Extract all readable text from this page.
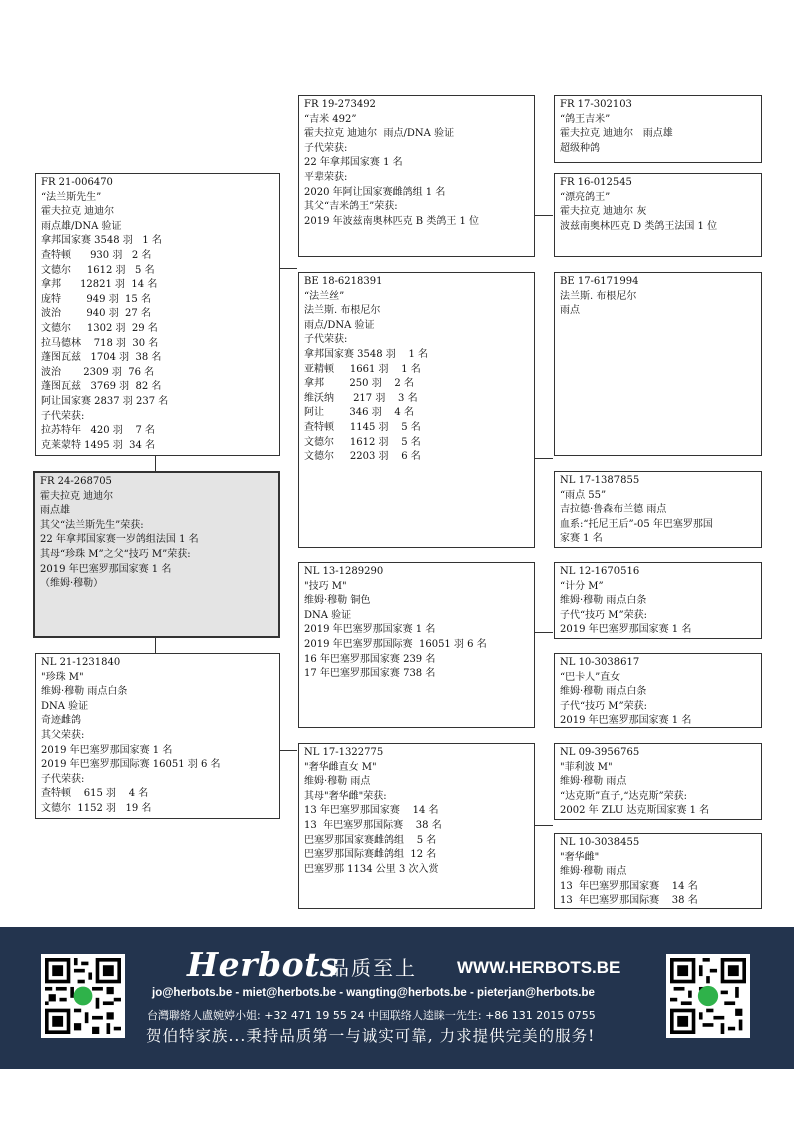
FR 21-006470
“法兰斯先生”
霍夫拉克 迪迪尔
雨点雄/DNA 验证
拿邦国家赛 3548 羽   1 名
查特顿      930 羽   2 名
文德尔     1612 羽   5 名
拿邦      12821 羽  14 名
庞特        949 羽  15 名
波治        940 羽  27 名
文德尔     1302 羽  29 名
拉马德林    718 羽  30 名
蓬图瓦兹   1704 羽  38 名
波治       2309 羽  76 名
蓬图瓦兹   3769 羽  82 名
阿让国家赛 2837 羽 237 名
子代荣获:
拉苏特年   420 羽    7 名
克莱蒙特 1495 羽  34 名
FR 24-268705
霍夫拉克 迪迪尔
雨点雄
其父“法兰斯先生”荣获:
22 年拿邦国家赛一岁鸽组法国 1 名
其母“珍珠 M”之父“技巧 M”荣获:
2019 年巴塞罗那国家赛 1 名
（维姆·穆勒）
NL 21-1231840
"珍珠 M"
维姆·穆勒 雨点白条
DNA 验证
奇迹雌鸽
其父荣获:
2019 年巴塞罗那国家赛 1 名
2019 年巴塞罗那国际赛 16051 羽 6 名
子代荣获:
查特顿    615 羽    4 名
文德尔  1152 羽   19 名
FR 19-273492
“吉米 492”
霍夫拉克 迪迪尔  雨点/DNA 验证
子代荣获:
22 年拿邦国家赛 1 名
平辈荣获:
2020 年阿让国家赛雌鸽组 1 名
其父“吉米鸽王”荣获:
2019 年波兹南奥林匹克 B 类鸽王 1 位
BE 18-6218391
“法兰丝”
法兰斯. 布根尼尔
雨点/DNA 验证
子代荣获:
拿邦国家赛 3548 羽    1 名
亚精顿     1661 羽    1 名
拿邦        250 羽    2 名
维沃纳      217 羽    3 名
阿让        346 羽    4 名
查特顿     1145 羽    5 名
文德尔     1612 羽    5 名
文德尔     2203 羽    6 名
NL 13-1289290
"技巧 M"
维姆·穆勒 铜色
DNA 验证
2019 年巴塞罗那国家赛 1 名
2019 年巴塞罗那国际赛  16051 羽 6 名
16 年巴塞罗那国家赛 239 名
17 年巴塞罗那国家赛 738 名
NL 17-1322775
"奢华雌直女 M"
维姆·穆勒 雨点
其母"奢华雌"荣获:
13 年巴塞罗那国家赛    14 名
13  年巴塞罗那国际赛    38 名
巴塞罗那国家赛雌鸽组    5 名
巴塞罗那国际赛雌鸽组  12 名
巴塞罗那 1134 公里 3 次入赏
FR 17-302103
“鸽王吉米”
霍夫拉克 迪迪尔   雨点雄
超级种鸽
FR 16-012545
“漂亮鸽王”
霍夫拉克 迪迪尔 灰
波兹南奥林匹克 D 类鸽王法国 1 位
BE 17-6171994
法兰斯. 布根尼尔
雨点
NL 17-1387855
“雨点 55”
吉拉德·鲁森布兰德 雨点
血系:“托尼王后”-05 年巴塞罗那国
家赛 1 名
NL 12-1670516
“计分 M”
维姆·穆勒 雨点白条
子代“技巧 M”荣获:
2019 年巴塞罗那国家赛 1 名
NL 10-3038617
“巴卡人”直女
维姆·穆勒 雨点白条
子代“技巧 M”荣获:
2019 年巴塞罗那国家赛 1 名
NL 09-3956765
"菲利波 M"
维姆·穆勒 雨点
“达克斯”直子,“达克斯”荣获:
2002 年 ZLU 达克斯国家赛 1 名
NL 10-3038455
"奢华雌"
维姆·穆勒 雨点
13  年巴塞罗那国家赛    14 名
13  年巴塞罗那国际赛    38 名
Herbots
品质至上 WWW.HERBOTS.BE
jo@herbots.be - miet@herbots.be - wangting@herbots.be - pieterjan@herbots.be
台灣聯絡人盧婉婷小姐: +32 471 19 55 24 中国联络人逵睐一先生: +86 131 2015 0755
贺伯特家族...秉持品质第一与诚实可靠, 力求提供完美的服务!
